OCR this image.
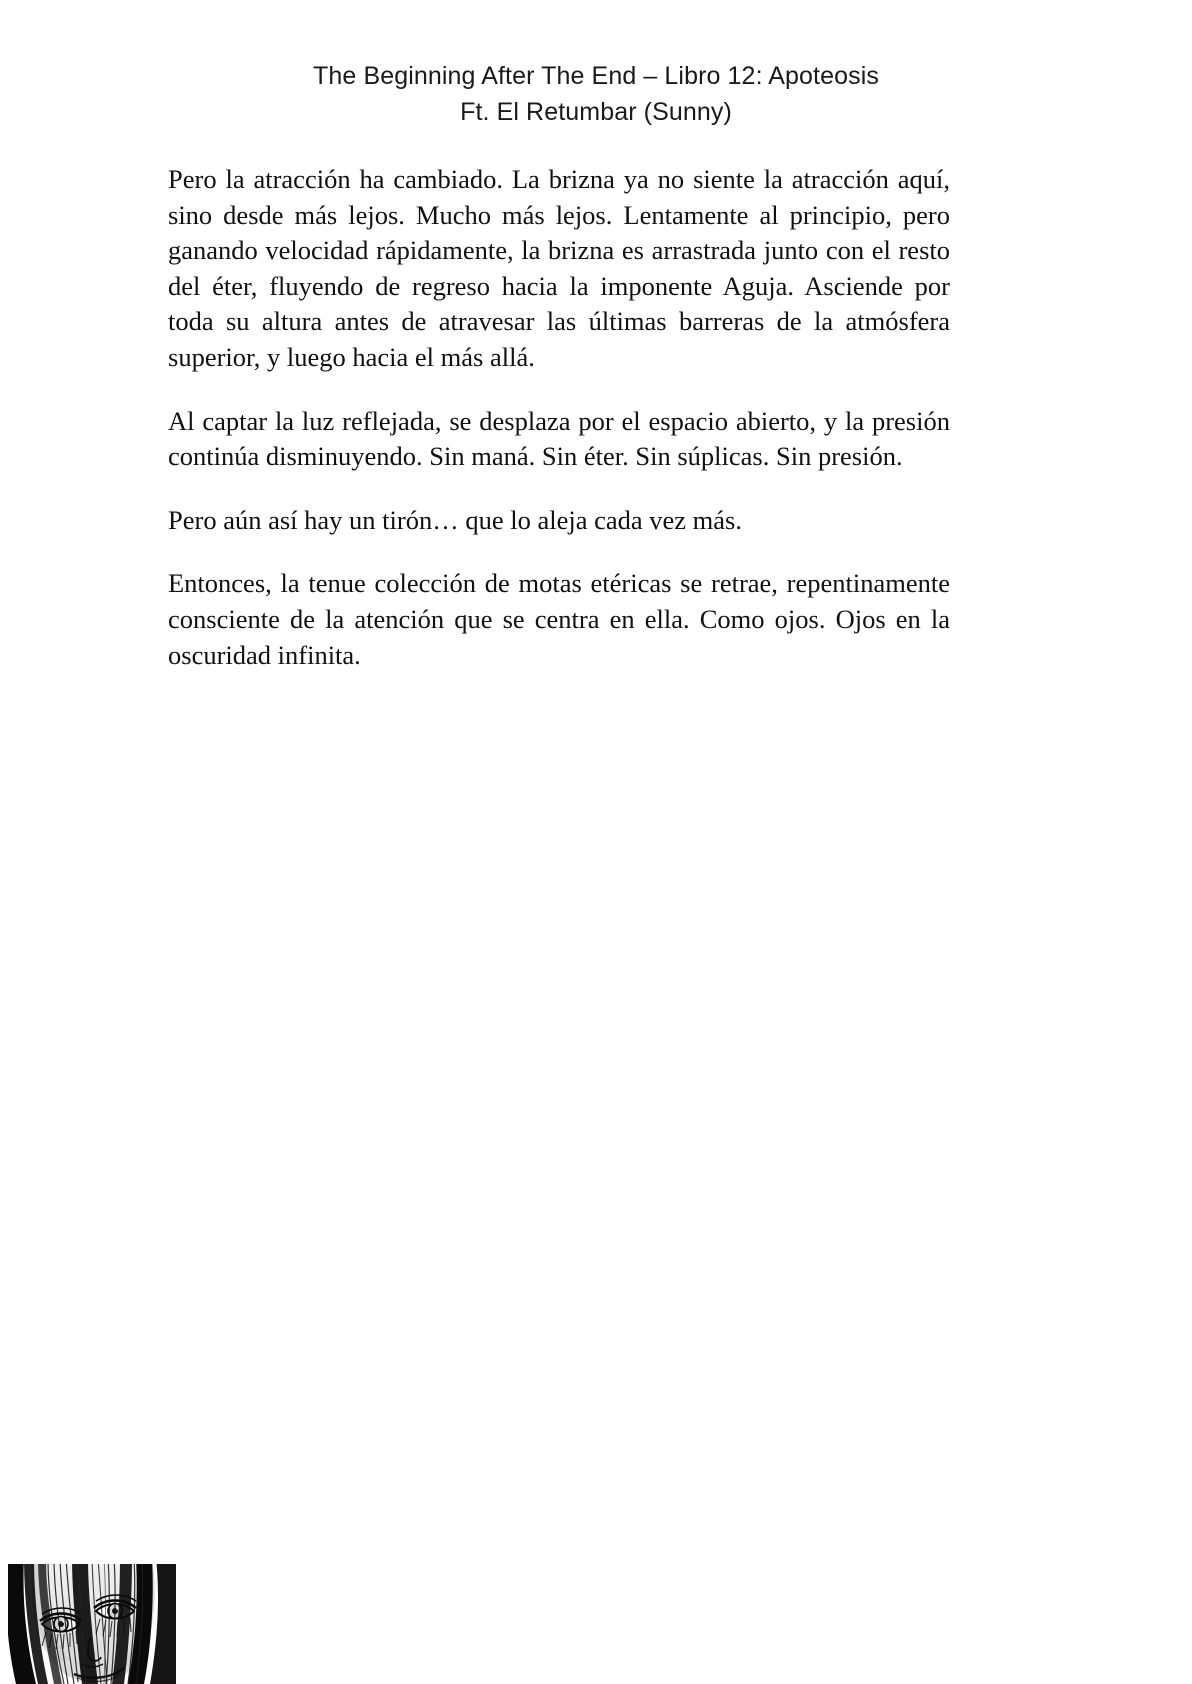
The Beginning After The End – Libro 12: Apoteosis
Ft. El Retumbar (Sunny)

Pero la atracción ha cambiado. La brizna ya no siente la atracción aquí, sino desde más lejos. Mucho más lejos. Lentamente al principio, pero ganando velocidad rápidamente, la brizna es arrastrada junto con el resto del éter, fluyendo de regreso hacia la imponente Aguja. Asciende por toda su altura antes de atravesar las últimas barreras de la atmósfera superior, y luego hacia el más allá.

Al captar la luz reflejada, se desplaza por el espacio abierto, y la presión continúa disminuyendo. Sin maná. Sin éter. Sin súplicas. Sin presión.

Pero aún así hay un tirón… que lo aleja cada vez más.

Entonces, la tenue colección de motas etéricas se retrae, repentinamente consciente de la atención que se centra en ella. Como ojos. Ojos en la oscuridad infinita.
